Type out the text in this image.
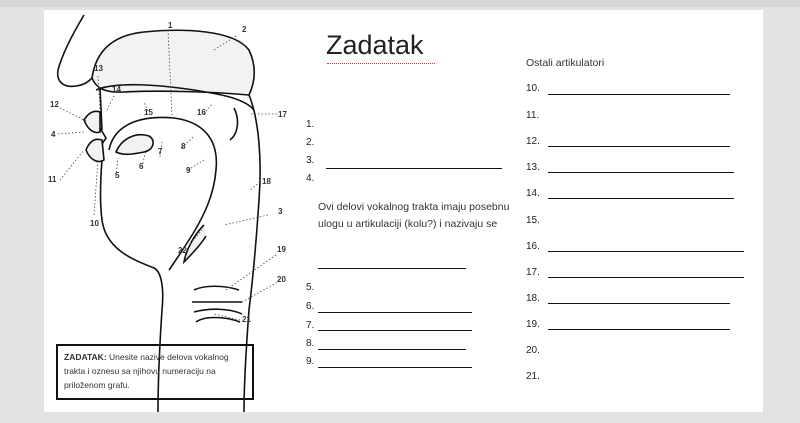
1	2
3
4
5
6
7
8
9
10
11
12
13
14
15	16	17
18
19
20
21
22
ZADATAK: Unesite nazive delova vokalnog trakta i oznesu sa njihovu numeraciju na priloženom grafu.
Zadatak
1.
2.
3.
4.
Ovi delovi vokalnog trakta imaju posebnu ulogu u artikulaciji (kolu?) i nazivaju se
5.
6.
7.
8.
9.
Ostali artikulatori
10.
11.
12.
13.
14.
15.
16.
17.
18.
19.
20.
21.
